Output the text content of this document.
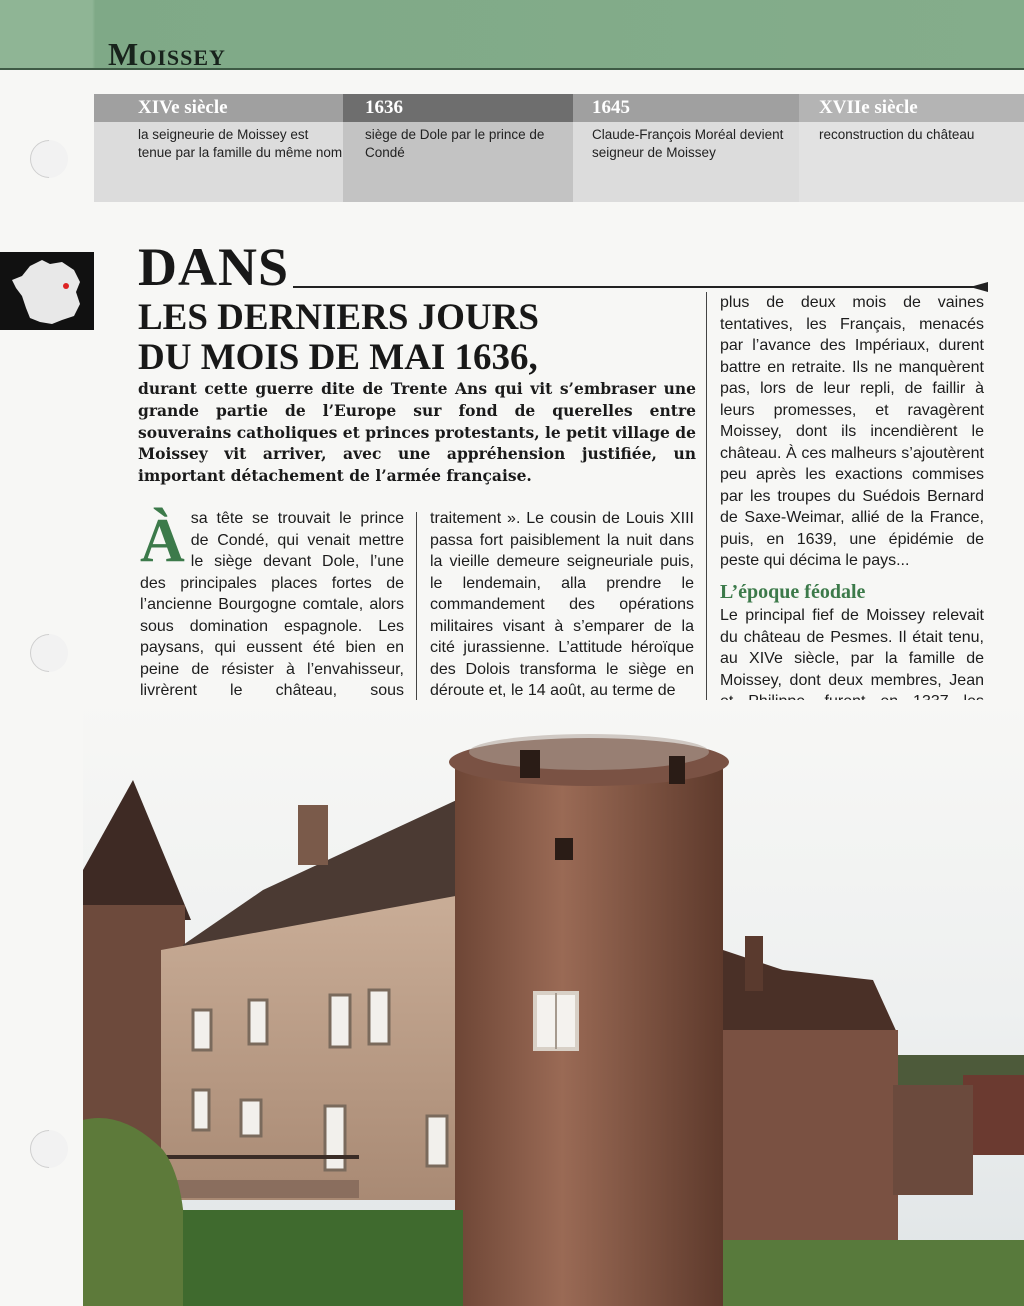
Moissey
XIVe siècle
la seigneurie de Moissey est tenue par la famille du même nom
1636
siège de Dole par le prince de Condé
1645
Claude-François Moréal devient seigneur de Moissey
XVIIe siècle
reconstruction du château
DANS
LES DERNIERS JOURS
DU MOIS DE MAI 1636,
durant cette guerre dite de Trente Ans qui vit s’embraser une grande partie de l’Europe sur fond de querelles entre souverains catholiques et princes protestants, le petit village de Moissey vit arriver, avec une appréhension justifiée, un important détachement de l’armée française.
Àsa tête se trouvait le prince de Condé, qui venait mettre le siège devant Dole, l’une des principales places fortes de l’ancienne Bourgogne comtale, alors sous domination espagnole. Les paysans, qui eussent été bien en peine de résister à l’envahisseur, livrèrent le château, sous
traitement ». Le cousin de Louis XIII passa fort paisiblement la nuit dans la vieille demeure seigneuriale puis, le lendemain, alla prendre le commandement des opérations militaires visant à s’emparer de la cité jurassienne. L’attitude héroïque des Dolois transforma le siège en déroute et, le 14 août, au terme de
plus de deux mois de vaines tentatives, les Français, menacés par l’avance des Impériaux, durent battre en retraite. Ils ne manquèrent pas, lors de leur repli, de faillir à leurs promesses, et ravagèrent Moissey, dont ils incendièrent le château. À ces malheurs s’ajoutèrent peu après les exactions commises par les troupes du Suédois Bernard de Saxe-Weimar, allié de la France, puis, en 1639, une épidémie de peste qui décima le pays...
L’époque féodale
Le principal fief de Moissey relevait du château de Pesmes. Il était tenu, au XIVe siècle, par la famille de Moissey, dont deux membres, Jean
